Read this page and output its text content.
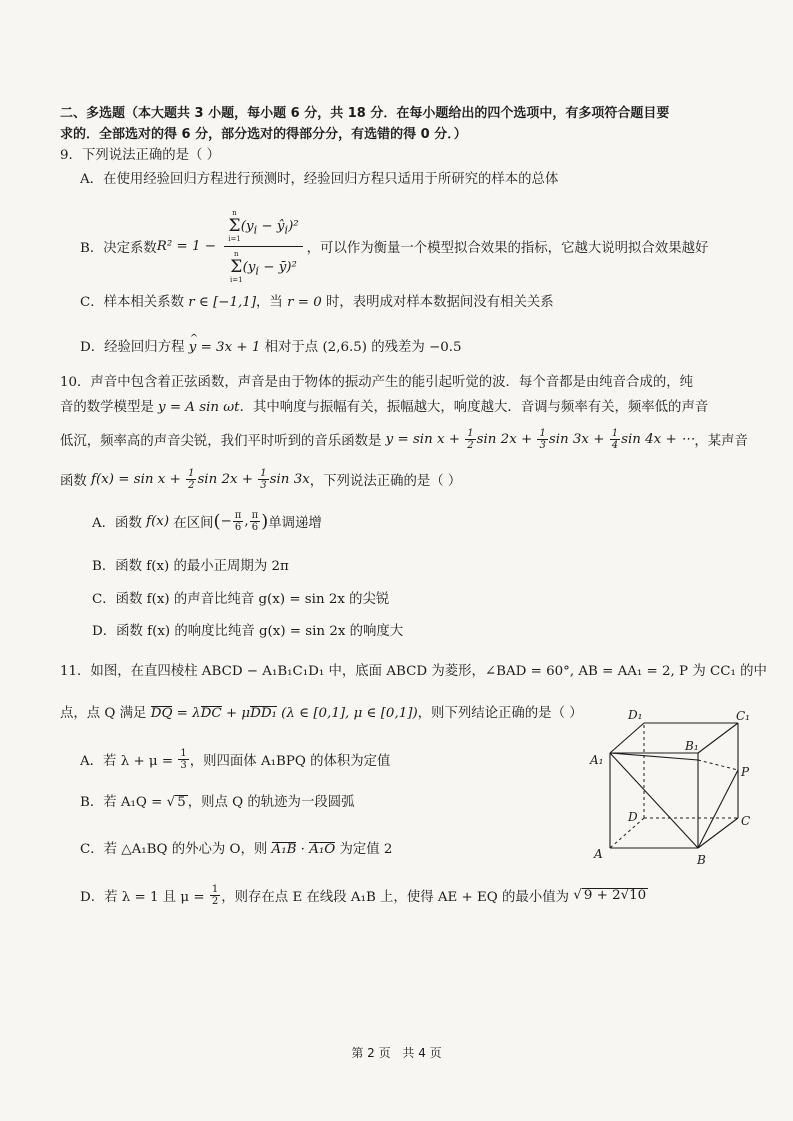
二、多选题（本大题共 3 小题，每小题 6 分，共 18 分．在每小题给出的四个选项中，有多项符合题目要
求的．全部选对的得 6 分，部分选对的得部分分，有选错的得 0 分．）
9．下列说法正确的是（ ）
A．在使用经验回归方程进行预测时，经验回归方程只适用于所研究的样本的总体
B．决定系数R² = 1 −
n
Σ
i=1
($y_i$ − $ŷ_i)^2$
n
Σ
i=1
($y_i$ − ȳ)²
，可以作为衡量一个模型拟合效果的指标，它越大说明拟合效果越好
C．样本相关系数 r ∈ [−1,1]，当 r = 0 时，表明成对样本数据间没有相关关系
D．经验回归方程 ^ y = 3x + 1 相对于点 (2,6.5) 的残差为 −0.5
10．声音中包含着正弦函数，声音是由于物体的振动产生的能引起听觉的波．每个音都是由纯音合成的，纯
音的数学模型是 y = A sin ωt．其中响度与振幅有关，振幅越大，响度越大．音调与频率有关，频率低的声音
低沉，频率高的声音尖锐，我们平时听到的音乐函数是 $y = \sin x + \frac{1}{2}$ $\sin 2x + \frac{1}{3}$ $\sin 3x + \frac{1}{4}$ sin 4x + ⋯，某声音
函数 $f(x) = \sin x + \frac{1}{2}$ $\sin 2x + \frac{1}{3}$ sin 3x，下列说法正确的是（ ）
A．函数 f(x) 在区间(− $\frac{\pi}{6}$ , $\frac{\pi}{6}$ )单调递增
B．函数 f(x) 的最小正周期为 2π
C．函数 f(x) 的声音比纯音 g(x) = sin 2x 的尖锐
D．函数 f(x) 的响度比纯音 g(x) = sin 2x 的响度大
11．如图，在直四棱柱 ABCD − A₁B₁C₁D₁ 中，底面 ABCD 为菱形，∠BAD = 60°, AB = AA₁ = 2, P 为 CC₁ 的中
点，点 Q 满足 DQ = λDC + μDD₁ (λ ∈ [0,1], μ ∈ [0,1])，则下列结论正确的是（ ）
A．若 $\lambda + \mu = \frac{1}{3}$ ，则四面体 A₁BPQ 的体积为定值
B．若 A₁Q = √ 5 ，则点 Q 的轨迹为一段圆弧
C．若 △A₁BQ 的外心为 O，则 A₁B · A₁O 为定值 2
D．若 λ = 1 且 $\mu = \frac{1}{2}$ ，则存在点 E 在线段 A₁B 上，使得 AE + EQ 的最小值为 √ 9 + 2√10
D₁	C₁
B₁
A₁
P
D	C
A	B
第 2 页 共 4 页
